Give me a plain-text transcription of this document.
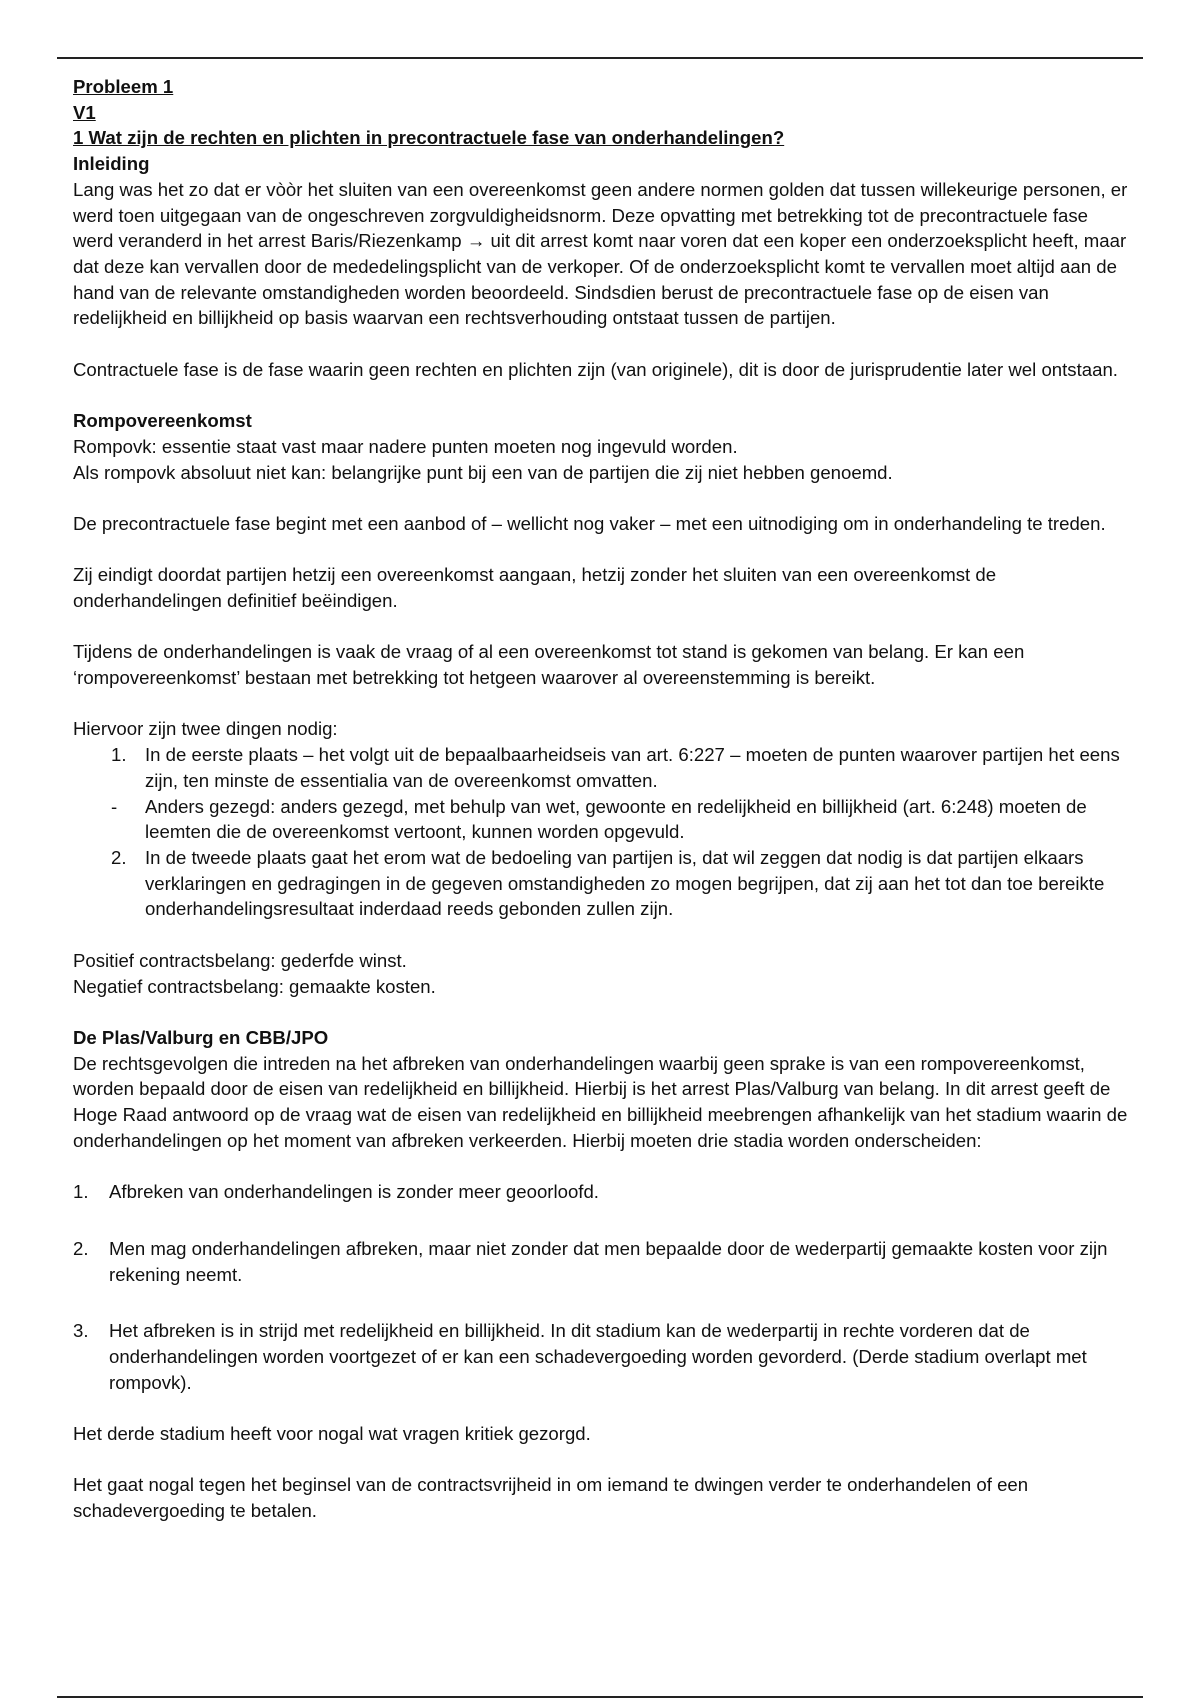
Probleem 1

V1

1 Wat zijn de rechten en plichten in precontractuele fase van onderhandelingen?

Inleiding

Lang was het zo dat er vòòr het sluiten van een overeenkomst geen andere normen golden dat tussen willekeurige personen, er werd toen uitgegaan van de ongeschreven zorgvuldigheidsnorm. Deze opvatting met betrekking tot de precontractuele fase werd veranderd in het arrest Baris/Riezenkamp → uit dit arrest komt naar voren dat een koper een onderzoeksplicht heeft, maar dat deze kan vervallen door de mededelingsplicht van de verkoper. Of de onderzoeksplicht komt te vervallen moet altijd aan de hand van de relevante omstandigheden worden beoordeeld. Sindsdien berust de precontractuele fase op de eisen van redelijkheid en billijkheid op basis waarvan een rechtsverhouding ontstaat tussen de partijen.

Contractuele fase is de fase waarin geen rechten en plichten zijn (van originele), dit is door de jurisprudentie later wel ontstaan.

Rompovereenkomst

Rompovk: essentie staat vast maar nadere punten moeten nog ingevuld worden.

Als rompovk absoluut niet kan: belangrijke punt bij een van de partijen die zij niet hebben genoemd.

De precontractuele fase begint met een aanbod of – wellicht nog vaker – met een uitnodiging om in onderhandeling te treden.

Zij eindigt doordat partijen hetzij een overeenkomst aangaan, hetzij zonder het sluiten van een overeenkomst de onderhandelingen definitief beëindigen.

Tijdens de onderhandelingen is vaak de vraag of al een overeenkomst tot stand is gekomen van belang. Er kan een ‘rompovereenkomst’ bestaan met betrekking tot hetgeen waarover al overeenstemming is bereikt.

Hiervoor zijn twee dingen nodig:

1. In de eerste plaats – het volgt uit de bepaalbaarheidseis van art. 6:227 – moeten de punten waarover partijen het eens zijn, ten minste de essentialia van de overeenkomst omvatten.
-	Anders gezegd: anders gezegd, met behulp van wet, gewoonte en redelijkheid en billijkheid (art. 6:248) moeten de leemten die de overeenkomst vertoont, kunnen worden opgevuld.
2. In de tweede plaats gaat het erom wat de bedoeling van partijen is, dat wil zeggen dat nodig is dat partijen elkaars verklaringen en gedragingen in de gegeven omstandigheden zo mogen begrijpen, dat zij aan het tot dan toe bereikte onderhandelingsresultaat inderdaad reeds gebonden zullen zijn.

Positief contractsbelang: gederfde winst.

Negatief contractsbelang: gemaakte kosten.

De Plas/Valburg en CBB/JPO

De rechtsgevolgen die intreden na het afbreken van onderhandelingen waarbij geen sprake is van een rompovereenkomst, worden bepaald door de eisen van redelijkheid en billijkheid. Hierbij is het arrest Plas/Valburg van belang. In dit arrest geeft de Hoge Raad antwoord op de vraag wat de eisen van redelijkheid en billijkheid meebrengen afhankelijk van het stadium waarin de onderhandelingen op het moment van afbreken verkeerden. Hierbij moeten drie stadia worden onderscheiden:

1.	Afbreken van onderhandelingen is zonder meer geoorloofd.
2.	Men mag onderhandelingen afbreken, maar niet zonder dat men bepaalde door de wederpartij gemaakte kosten voor zijn rekening neemt.
3.	Het afbreken is in strijd met redelijkheid en billijkheid. In dit stadium kan de wederpartij in rechte vorderen dat de onderhandelingen worden voortgezet of er kan een schadevergoeding worden gevorderd. (Derde stadium overlapt met rompovk).

Het derde stadium heeft voor nogal wat vragen kritiek gezorgd.

Het gaat nogal tegen het beginsel van de contractsvrijheid in om iemand te dwingen verder te onderhandelen of een schadevergoeding te betalen.
